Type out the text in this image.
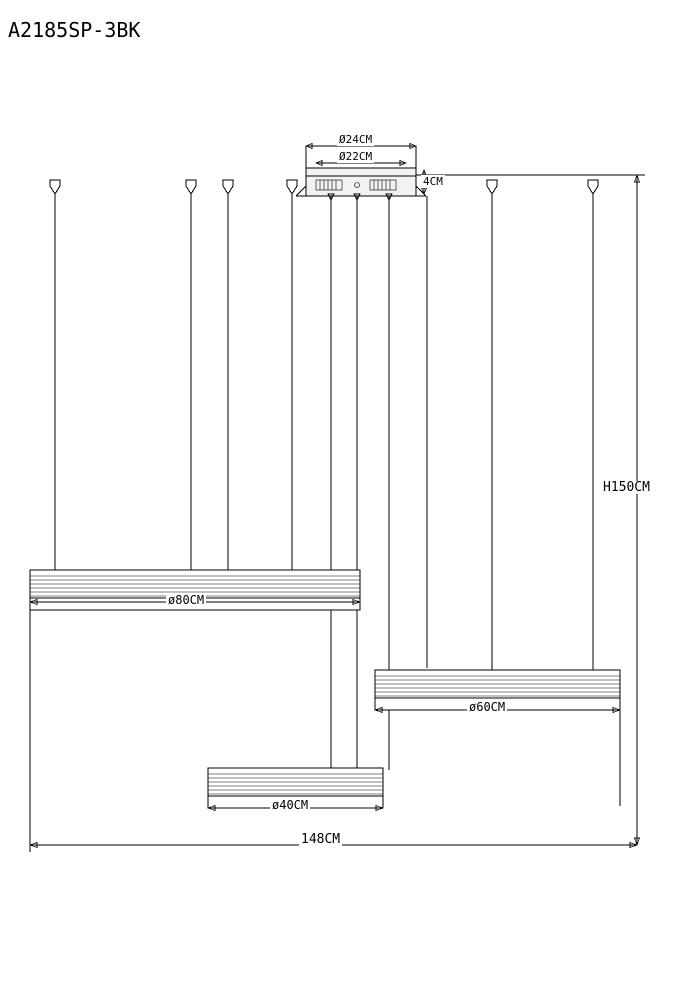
A2185SP-3BK
Ø24CM
Ø22CM
4CM
ø80CM
ø60CM
ø40CM
H150CM
148CM
